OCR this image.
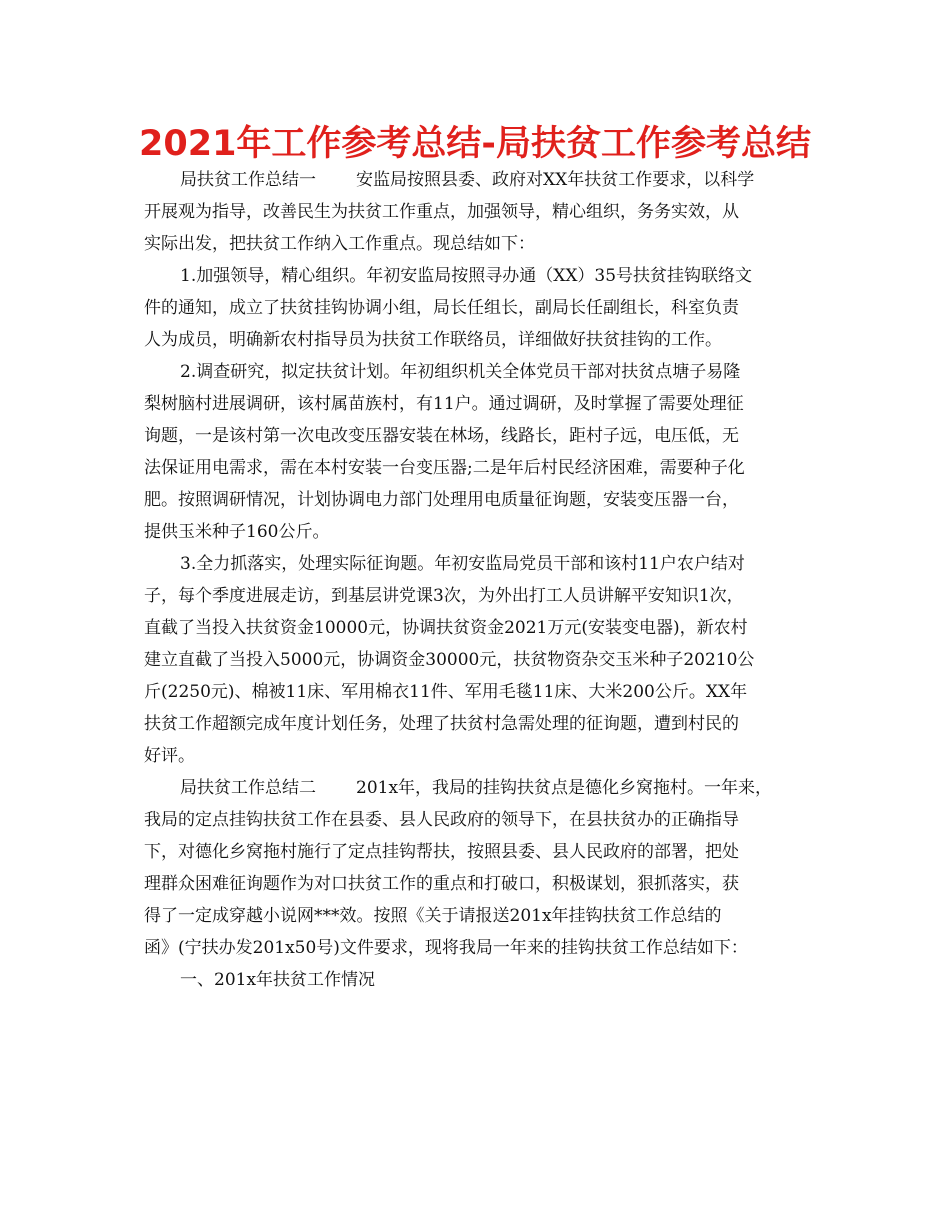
2021年工作参考总结-局扶贫工作参考总结
局扶贫工作总结一 安监局按照县委、政府对XX年扶贫工作要求，以科学
开展观为指导，改善民生为扶贫工作重点，加强领导，精心组织，务务实效，从
实际出发，把扶贫工作纳入工作重点。现总结如下：
1.加强领导，精心组织。年初安监局按照寻办通（XX）35号扶贫挂钩联络文
件的通知，成立了扶贫挂钩协调小组，局长任组长，副局长任副组长，科室负责
人为成员，明确新农村指导员为扶贫工作联络员，详细做好扶贫挂钩的工作。
2.调查研究，拟定扶贫计划。年初组织机关全体党员干部对扶贫点塘子易隆
梨树脑村进展调研，该村属苗族村，有11户。通过调研，及时掌握了需要处理征
询题，一是该村第一次电改变压器安装在林场，线路长，距村子远，电压低，无
法保证用电需求，需在本村安装一台变压器;二是年后村民经济困难，需要种子化
肥。按照调研情况，计划协调电力部门处理用电质量征询题，安装变压器一台，
提供玉米种子160公斤。
3.全力抓落实，处理实际征询题。年初安监局党员干部和该村11户农户结对
子，每个季度进展走访，到基层讲党课3次，为外出打工人员讲解平安知识1次，
直截了当投入扶贫资金10000元，协调扶贫资金2021万元(安装变电器)，新农村
建立直截了当投入5000元，协调资金30000元，扶贫物资杂交玉米种子20210公
斤(2250元)、棉被11床、军用棉衣11件、军用毛毯11床、大米200公斤。XX年
扶贫工作超额完成年度计划任务，处理了扶贫村急需处理的征询题，遭到村民的
好评。
局扶贫工作总结二 201x年，我局的挂钩扶贫点是德化乡窝拖村。一年来，
我局的定点挂钩扶贫工作在县委、县人民政府的领导下，在县扶贫办的正确指导
下，对德化乡窝拖村施行了定点挂钩帮扶，按照县委、县人民政府的部署，把处
理群众困难征询题作为对口扶贫工作的重点和打破口，积极谋划，狠抓落实，获
得了一定成穿越小说网***效。按照《关于请报送201x年挂钩扶贫工作总结的
函》(宁扶办发201x50号)文件要求，现将我局一年来的挂钩扶贫工作总结如下：
一、201x年扶贫工作情况
